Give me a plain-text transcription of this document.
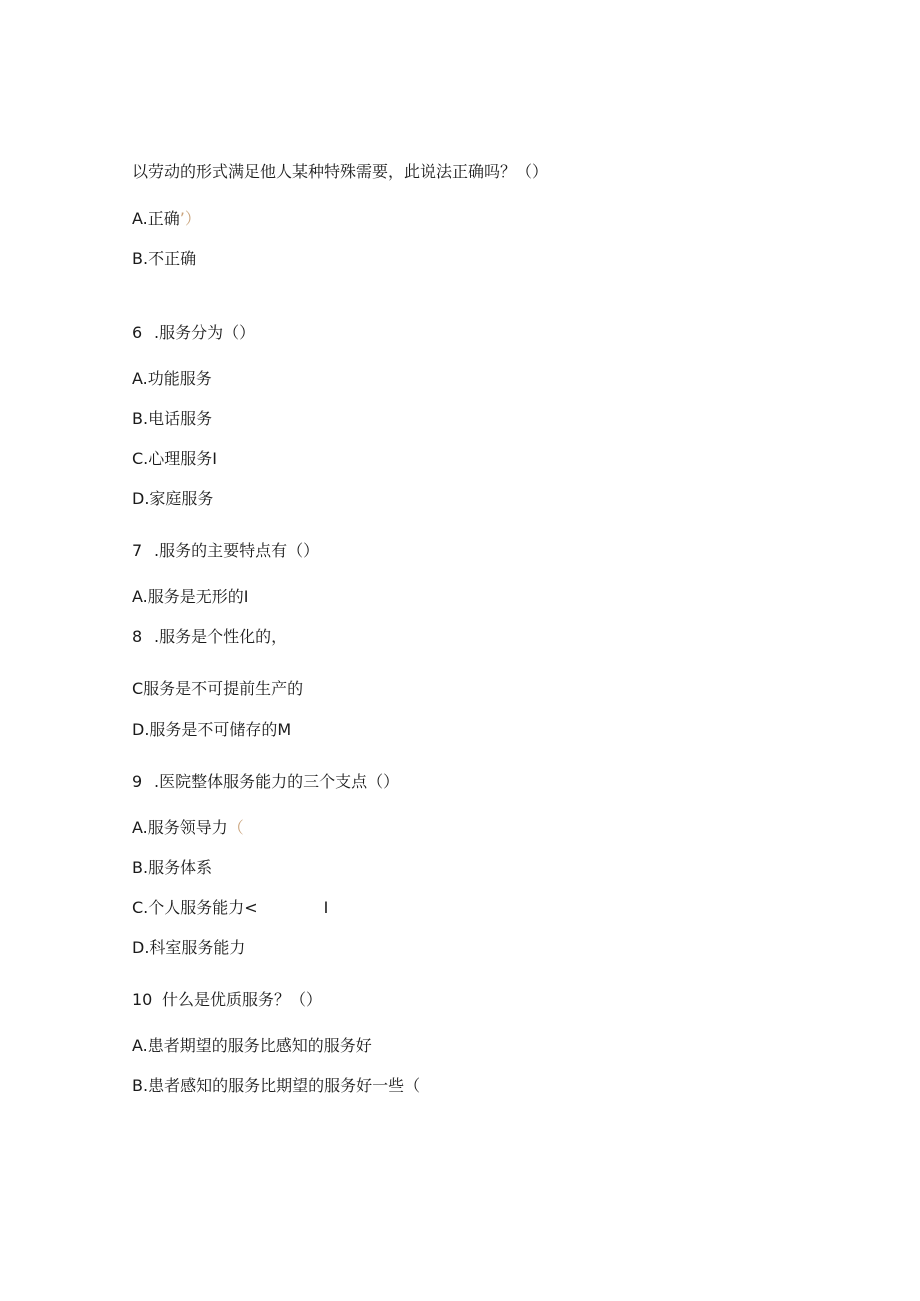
以劳动的形式满足他人某种特殊需要，此说法正确吗？（）
A.正确’）
B.不正确
6 .服务分为（）
A.功能服务
B.电话服务
C.心理服务I
D.家庭服务
7 .服务的主要特点有（）
A.服务是无形的I
8 .服务是个性化的，
C服务是不可提前生产的
D.服务是不可储存的M
9 .医院整体服务能力的三个支点（）
A.服务领导力（
B.服务体系
C.个人服务能力<	I
D.科室服务能力
10 什么是优质服务？（）
A.患者期望的服务比感知的服务好
B.患者感知的服务比期望的服务好一些（
